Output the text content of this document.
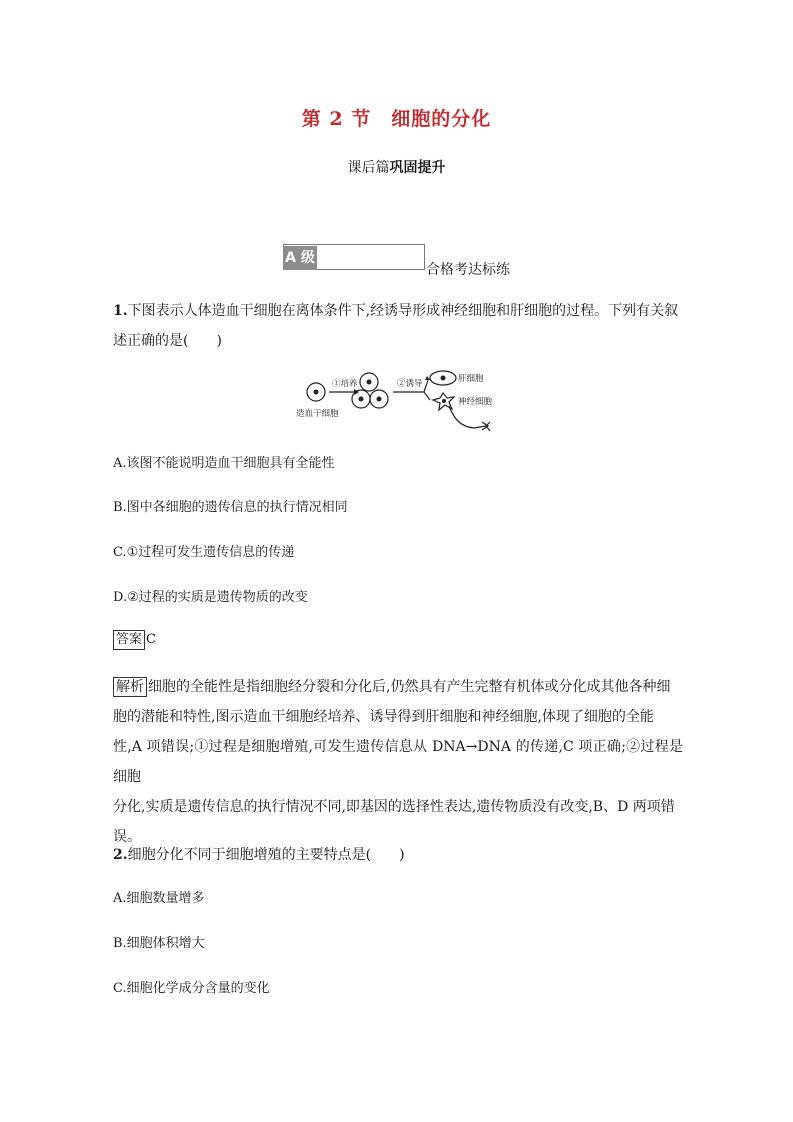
第 2 节　细胞的分化
课后篇巩固提升
A 级
合格考达标练
1.下图表示人体造血干细胞在离体条件下,经诱导形成神经细胞和肝细胞的过程。下列有关叙
述正确的是(　　)
①培养	②诱导	肝细胞
神经细胞
造血干细胞
A.该图不能说明造血干细胞具有全能性
B.图中各细胞的遗传信息的执行情况相同
C.①过程可发生遗传信息的传递
D.②过程的实质是遗传物质的改变
答案 C
解析 细胞的全能性是指细胞经分裂和分化后,仍然具有产生完整有机体或分化成其他各种细
胞的潜能和特性,图示造血干细胞经培养、诱导得到肝细胞和神经细胞,体现了细胞的全能
性,A 项错误;①过程是细胞增殖,可发生遗传信息从 DNA→DNA 的传递,C 项正确;②过程是细胞
分化,实质是遗传信息的执行情况不同,即基因的选择性表达,遗传物质没有改变,B、D 两项错
误。
2.细胞分化不同于细胞增殖的主要特点是(　　)
A.细胞数量增多
B.细胞体积增大
C.细胞化学成分含量的变化
